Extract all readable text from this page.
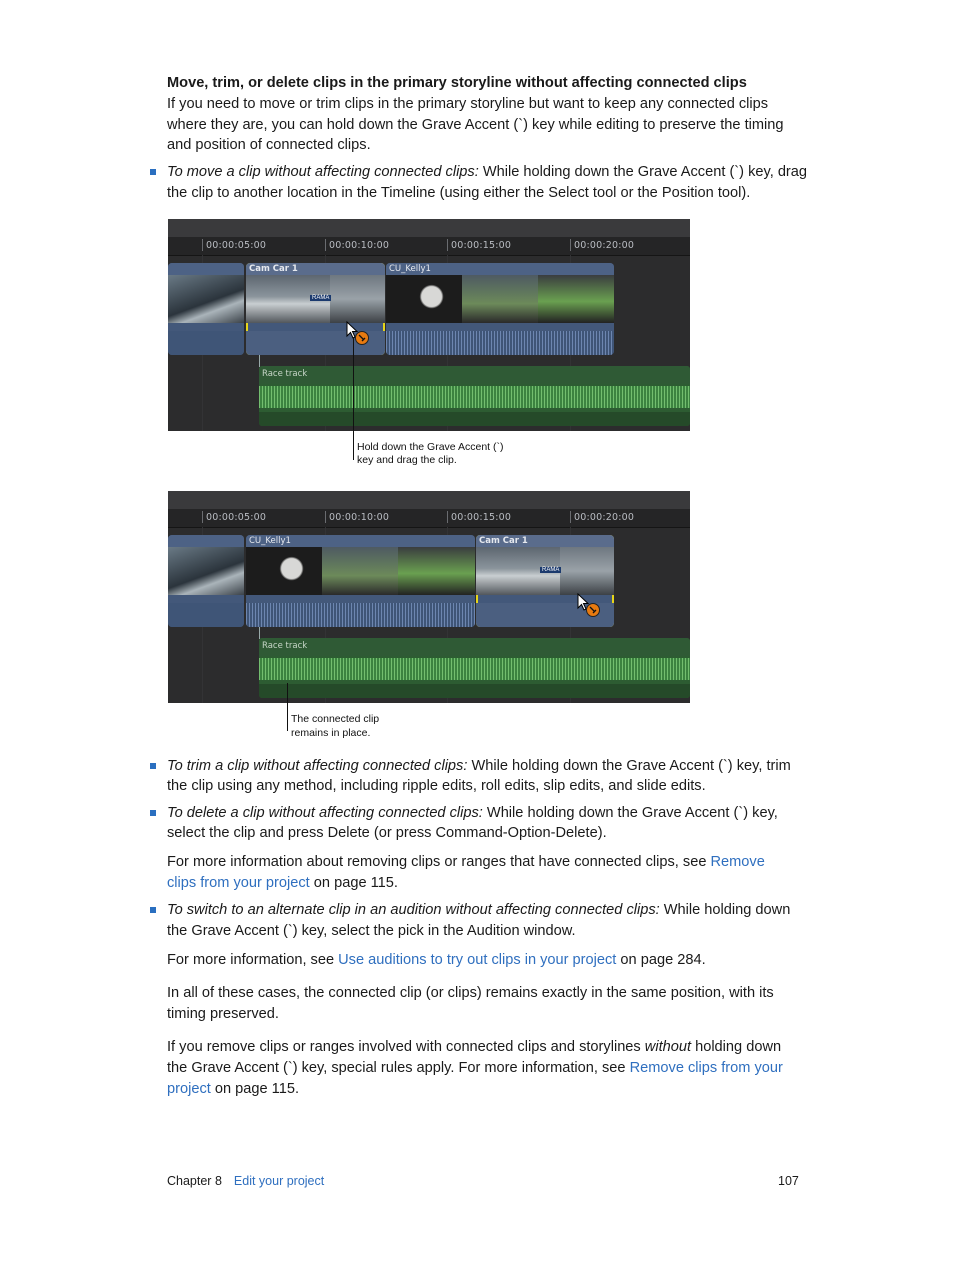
Move, trim, or delete clips in the primary storyline without affecting connected clips
If you need to move or trim clips in the primary storyline but want to keep any connected clips
where they are, you can hold down the Grave Accent (`) key while editing to preserve the timing
and position of connected clips.
To move a clip without affecting connected clips: While holding down the Grave Accent (`) key, drag
the clip to another location in the Timeline (using either the Select tool or the Position tool).
00:00:05:00	00:00:10:00	00:00:15:00	00:00:20:00
Cam Car 1
RAMA
CU_Kelly1
Race track
Hold down the Grave Accent (`)
key and drag the clip.
00:00:05:00	00:00:10:00	00:00:15:00	00:00:20:00
CU_Kelly1	Cam Car 1
RAMA
Race track
The connected clip
remains in place.
To trim a clip without affecting connected clips: While holding down the Grave Accent (`) key, trim
the clip using any method, including ripple edits, roll edits, slip edits, and slide edits.
To delete a clip without affecting connected clips: While holding down the Grave Accent (`) key,
select the clip and press Delete (or press Command-Option-Delete).
For more information about removing clips or ranges that have connected clips, see Remove
clips from your project on page 115.
To switch to an alternate clip in an audition without affecting connected clips: While holding down
the Grave Accent (`) key, select the pick in the Audition window.
For more information, see Use auditions to try out clips in your project on page 284.
In all of these cases, the connected clip (or clips) remains exactly in the same position, with its
timing preserved.
If you remove clips or ranges involved with connected clips and storylines without holding down
the Grave Accent (`) key, special rules apply. For more information, see Remove clips from your
project on page 115.
Chapter 8 Edit your project	107
